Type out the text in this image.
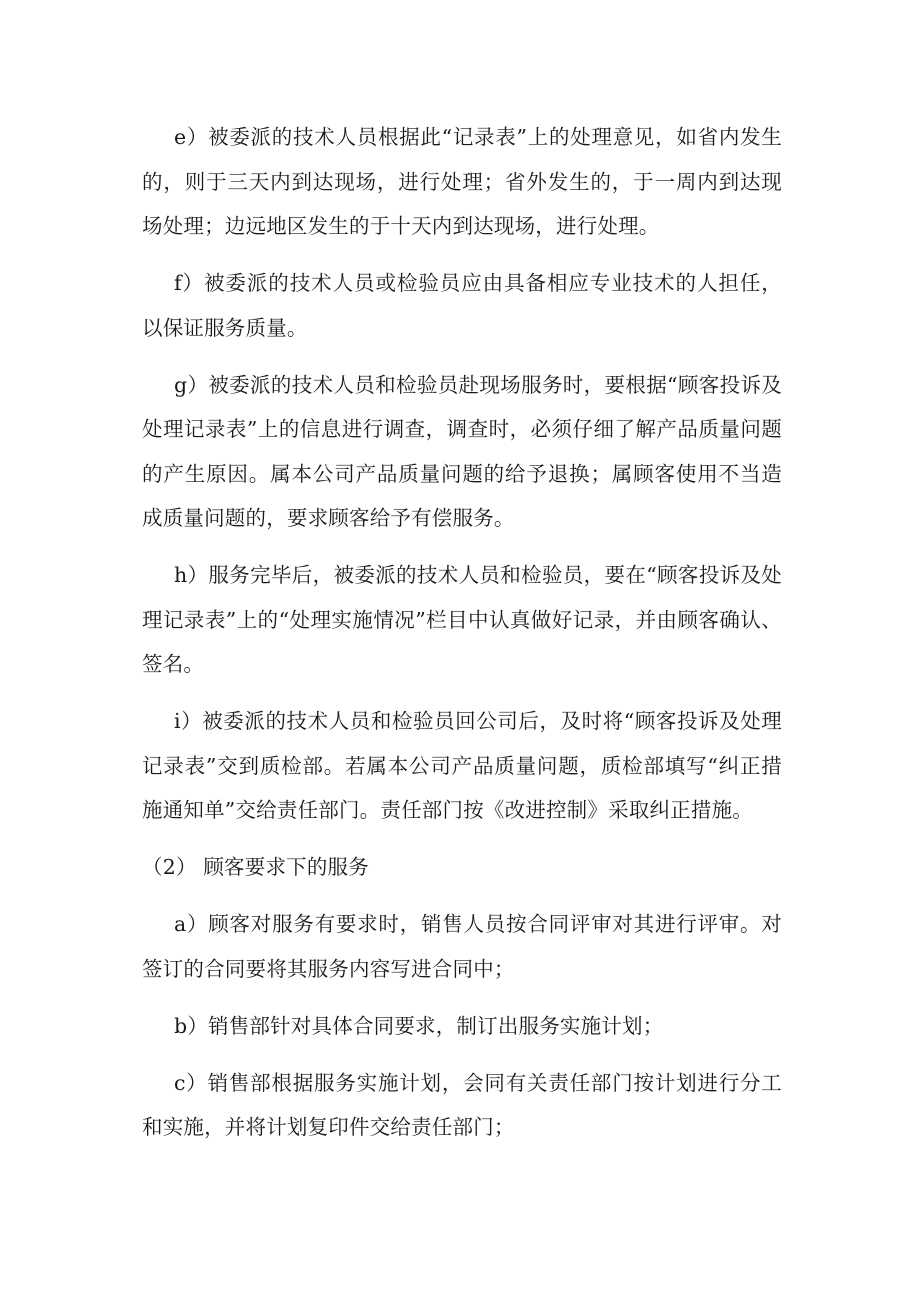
e）被委派的技术人员根据此“记录表”上的处理意见，如省内发生的，则于三天内到达现场，进行处理；省外发生的，于一周内到达现场处理；边远地区发生的于十天内到达现场，进行处理。

f）被委派的技术人员或检验员应由具备相应专业技术的人担任，以保证服务质量。

g）被委派的技术人员和检验员赴现场服务时，要根据“顾客投诉及处理记录表”上的信息进行调查，调查时，必须仔细了解产品质量问题的产生原因。属本公司产品质量问题的给予退换；属顾客使用不当造成质量问题的，要求顾客给予有偿服务。

h）服务完毕后，被委派的技术人员和检验员，要在“顾客投诉及处理记录表”上的“处理实施情况”栏目中认真做好记录，并由顾客确认、签名。

i）被委派的技术人员和检验员回公司后，及时将“顾客投诉及处理记录表”交到质检部。若属本公司产品质量问题，质检部填写“纠正措施通知单”交给责任部门。责任部门按《改进控制》采取纠正措施。

（2） 顾客要求下的服务

a）顾客对服务有要求时，销售人员按合同评审对其进行评审。对签订的合同要将其服务内容写进合同中；

b）销售部针对具体合同要求，制订出服务实施计划；

c）销售部根据服务实施计划，会同有关责任部门按计划进行分工和实施，并将计划复印件交给责任部门；
